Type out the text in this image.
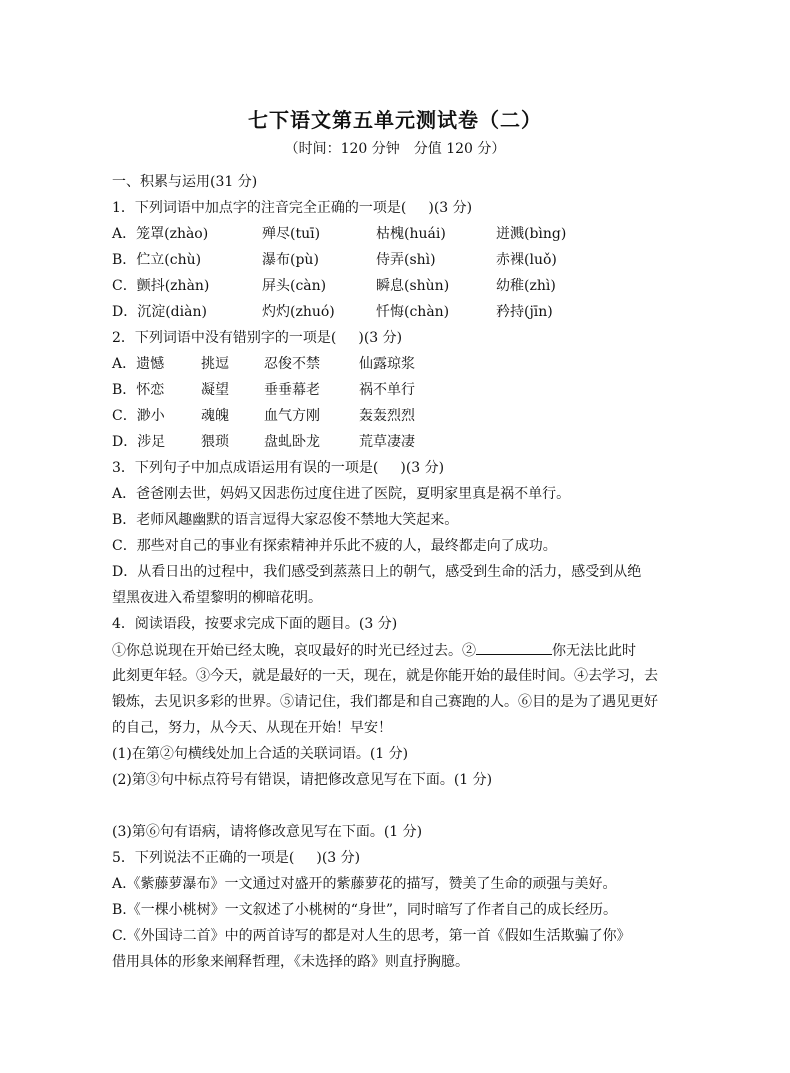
七下语文第五单元测试卷（二）
（时间：120 分钟　分值 120 分）
一、积累与运用(31 分)
1．下列词语中加点字的注音完全正确的一项是( )(3 分)
A．笼罩(zhào)	殚尽(tuī)	枯槐(huái)	迸溅(bìng)
B．伫立(chù)	瀑布(pù)	侍弄(shì)	赤裸(luǒ)
C．颤抖(zhàn)	屏头(càn)	瞬息(shùn)	幼稚(zhì)
D．沉淀(diàn)	灼灼(zhuó)	忏悔(chàn)	矜持(jīn)
2．下列词语中没有错别字的一项是( )(3 分)
A．遗憾	挑逗	忍俊不禁	仙露琼浆
B．怀恋	凝望	垂垂幕老	祸不单行
C．渺小	魂魄	血气方刚	轰轰烈烈
D．涉足	猥琐	盘虬卧龙	荒草凄凄
3．下列句子中加点成语运用有误的一项是( )(3 分)
A．爸爸刚去世，妈妈又因悲伤过度住进了医院，夏明家里真是祸不单行。
B．老师风趣幽默的语言逗得大家忍俊不禁地大笑起来。
C．那些对自己的事业有探索精神并乐此不疲的人，最终都走向了成功。
D．从看日出的过程中，我们感受到蒸蒸日上的朝气，感受到生命的活力，感受到从绝
望黑夜进入希望黎明的柳暗花明。
4．阅读语段，按要求完成下面的题目。(3 分)
①你总说现在开始已经太晚，哀叹最好的时光已经过去。②	你无法比此时
此刻更年轻。③今天，就是最好的一天，现在，就是你能开始的最佳时间。④去学习，去
锻炼，去见识多彩的世界。⑤请记住，我们都是和自己赛跑的人。⑥目的是为了遇见更好
的自己，努力，从今天、从现在开始！早安！
(1)在第②句横线处加上合适的关联词语。(1 分)
(2)第③句中标点符号有错误，请把修改意见写在下面。(1 分)
(3)第⑥句有语病，请将修改意见写在下面。(1 分)
5．下列说法不正确的一项是( )(3 分)
A.《紫藤萝瀑布》一文通过对盛开的紫藤萝花的描写，赞美了生命的顽强与美好。
B.《一棵小桃树》一文叙述了小桃树的“身世”，同时暗写了作者自己的成长经历。
C.《外国诗二首》中的两首诗写的都是对人生的思考，第一首《假如生活欺骗了你》
借用具体的形象来阐释哲理，《未选择的路》则直抒胸臆。
